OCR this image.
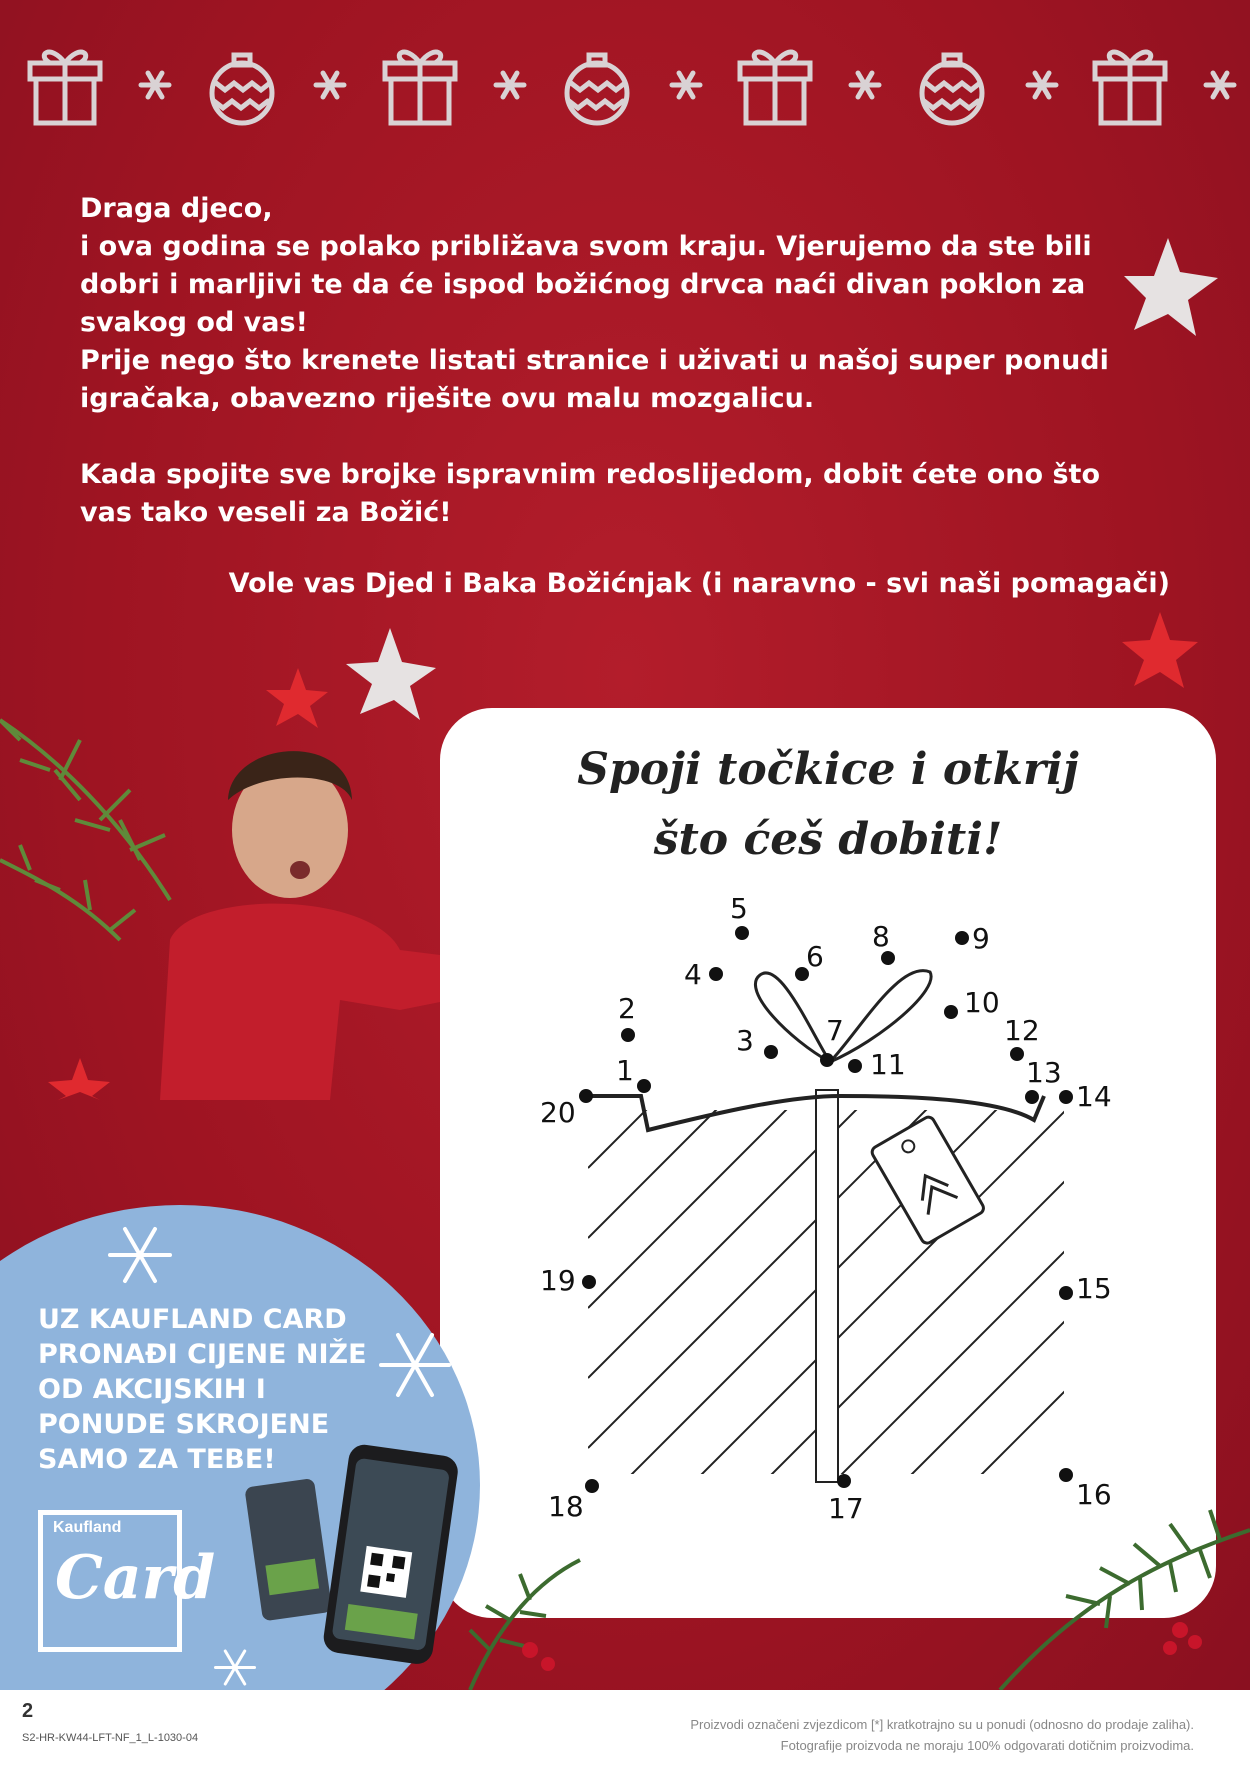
Draga djeco,

i ova godina se polako približava svom kraju. Vjerujemo da ste bili

dobri i marljivi te da će ispod božićnog drvca naći divan poklon za

svakog od vas!

Prije nego što krenete listati stranice i uživati u našoj super ponudi

igračaka, obavezno riješite ovu malu mozgalicu.

Kada spojite sve brojke ispravnim redoslijedom, dobit ćete ono što

vas tako veseli za Božić!

Vole vas Djed i Baka Božićnjak (i naravno - svi naši pomagači)
Spoji točkice i otkrij
što ćeš dobiti!
1
2
3
4
5
6
7
8	9
10
11
12
13
14
15
16
17
18
19
20
UZ KAUFLAND CARD PRONAĐI CIJENE NIŽE OD AKCIJSKIH I PONUDE SKROJENE SAMO ZA TEBE!
Kaufland
Card
2
S2-HR-KW44-LFT-NF_1_L-1030-04
Proizvodi označeni zvjezdicom [*] kratkotrajno su u ponudi (odnosno do prodaje zaliha).
Fotografije proizvoda ne moraju 100% odgovarati dotičnim proizvodima.
